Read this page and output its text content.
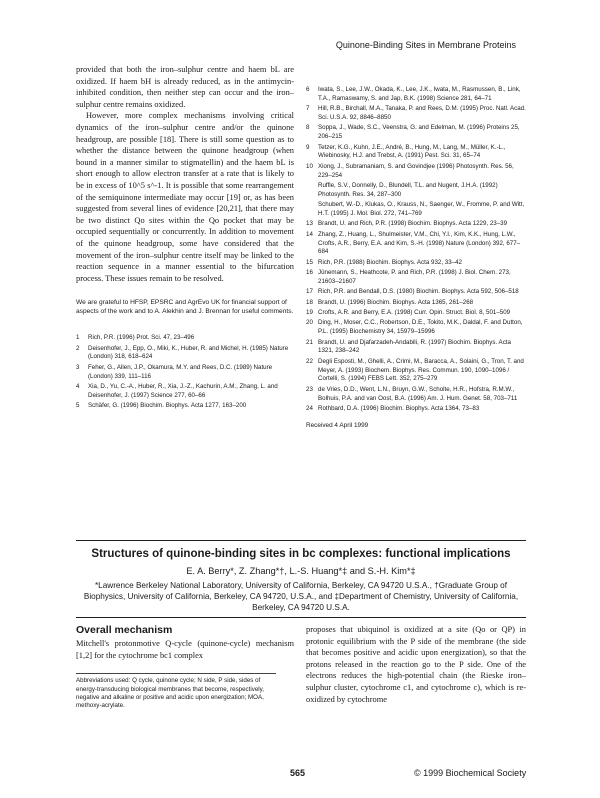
Quinone-Binding Sites in Membrane Proteins

provided that both the iron–sulphur centre and haem bL are oxidized. If haem bH is already reduced, as in the antimycin-inhibited condition, then neither step can occur and the iron–sulphur centre remains oxidized.

However, more complex mechanisms involving critical dynamics of the iron–sulphur centre and/or the quinone headgroup, are possible [18]. There is still some question as to whether the distance between the quinone headgroup (when bound in a manner similar to stigmatellin) and the haem bL is short enough to allow electron transfer at a rate that is likely to be in excess of 10^5 s^-1. It is possible that some rearrangement of the semiquinone intermediate may occur [19] or, as has been suggested from several lines of evidence [20,21], that there may be two distinct Qo sites within the Qo pocket that may be occupied sequentially or concurrently. In addition to movement of the quinone headgroup, some have considered that the movement of the iron–sulphur centre itself may be linked to the reaction sequence in a manner essential to the bifurcation process. These issues remain to be resolved.

We are grateful to HFSP, EPSRC and AgrEvo UK for financial support of aspects of the work and to A. Alekhin and J. Brennan for useful comments.
1	Rich, P.R. (1996) Prot. Sci. 47, 23–496
2	Deisenhofer, J., Epp, O., Miki, K., Huber, R. and Michel, H. (1985) Nature (London) 318, 618–624
3	Feher, G., Allen, J.P., Okamura, M.Y. and Rees, D.C. (1989) Nature (London) 339, 111–116
4	Xia, D., Yu, C.-A., Huber, R., Xia, J.-Z., Kachurin, A.M., Zhang, L. and Deisenhofer, J. (1997) Science 277, 60–66
5	Schäfer, G. (1996) Biochim. Biophys. Acta 1277, 163–200
6	Iwata, S., Lee, J.W., Okada, K., Lee, J.K., Iwata, M., Rasmussen, B., Link, T.A., Ramaswamy, S. and Jap, B.K. (1998) Science 281, 64–71
7	Hill, R.B., Birchall, M.A., Tanaka, P. and Rees, D.M. (1995) Proc. Natl. Acad. Sci. U.S.A. 92, 8846–8850
8	Soppa, J., Wade, S.C., Veenstra, G. and Edelman, M. (1996) Proteins 25, 206–215
9	Tetzer, K.G., Kuhn, J.E., André, B., Hung, M., Lang, M., Müller, K.-L., Wiebinosky, H.J. and Trebst, A. (1991) Pest. Sci. 31, 65–74
10 Xiong, J., Subramaniam, S. and Govindjee (1996) Photosynth. Res. 56, 229–254
Ruffle, S.V., Donnelly, D., Blundell, T.L. and Nugent, J.H.A. (1992) Photosynth. Res. 34, 287–300
Schubert, W.-D., Klukas, O., Krauss, N., Saenger, W., Fromme, P. and Witt, H.T. (1995) J. Mol. Biol. 272, 741–769
13 Brandt, U. and Rich, P.R. (1998) Biochim. Biophys. Acta 1229, 23–39
14 Zhang, Z., Huang, L., Shulmeister, V.M., Chi, Y.I., Kim, K.K., Hung, L.W., Crofts, A.R., Berry, E.A. and Kim, S.-H. (1998) Nature (London) 392, 677–684
15 Rich, P.R. (1988) Biochim. Biophys. Acta 932, 33–42
16 Jünemann, S., Heathcote, P. and Rich, P.R. (1998) J. Biol. Chem. 273, 21603–21607
17 Rich, P.R. and Bendall, D.S. (1980) Biochim. Biophys. Acta 592, 506–518
18 Brandt, U. (1996) Biochim. Biophys. Acta 1365, 261–268
19 Crofts, A.R. and Berry, E.A. (1998) Curr. Opin. Struct. Biol. 8, 501–509
20 Ding, H., Moser, C.C., Robertson, D.E., Tokito, M.K., Daldal, F. and Dutton, P.L. (1995) Biochemistry 34, 15979–15996
21 Brandt, U. and Djafarzadeh-Andabili, R. (1997) Biochim. Biophys. Acta 1321, 238–242
22 Degli Esposti, M., Ghelli, A., Crimi, M., Baracca, A., Solaini, G., Tron, T. and Meyer, A. (1993) Biochem. Biophys. Res. Commun. 190, 1090–1096 / Cortelli, S. (1994) FEBS Lett. 352, 275–279
23 de Vries, D.D., Went, L.N., Bruyn, G.W., Scholte, H.R., Hofstra, R.M.W., Bolhuis, P.A. and van Oost, B.A. (1996) Am. J. Hum. Genet. 58, 703–711
24 Rothbard, D.A. (1996) Biochim. Biophys. Acta 1364, 73–83
Received 4 April 1999
Structures of quinone-binding sites in bc complexes: functional implications
E. A. Berry*, Z. Zhang*†, L.-S. Huang*‡ and S.-H. Kim*‡
*Lawrence Berkeley National Laboratory, University of California, Berkeley, CA 94720 U.S.A., †Graduate Group of Biophysics, University of California, Berkeley, CA 94720, U.S.A., and ‡Department of Chemistry, University of California, Berkeley, CA 94720 U.S.A.
Overall mechanism

Mitchell's protonmotive Q-cycle (quinone-cycle) mechanism [1,2] for the cytochrome bc1 complex

Abbreviations used: Q cycle, quinone cycle; N side, P side, sides of energy-transducing biological membranes that become, respectively, negative and alkaline or positive and acidic upon energization; MOA, methoxy-acrylate.

proposes that ubiquinol is oxidized at a site (Qo or QP) in protonic equilibrium with the P side of the membrane (the side that becomes positive and acidic upon energization), so that the protons released in the reaction go to the P side. One of the electrons reduces the high-potential chain (the Rieske iron–sulphur cluster, cytochrome c1, and cytochrome c), which is re-oxidized by cytochrome

565	© 1999 Biochemical Society
